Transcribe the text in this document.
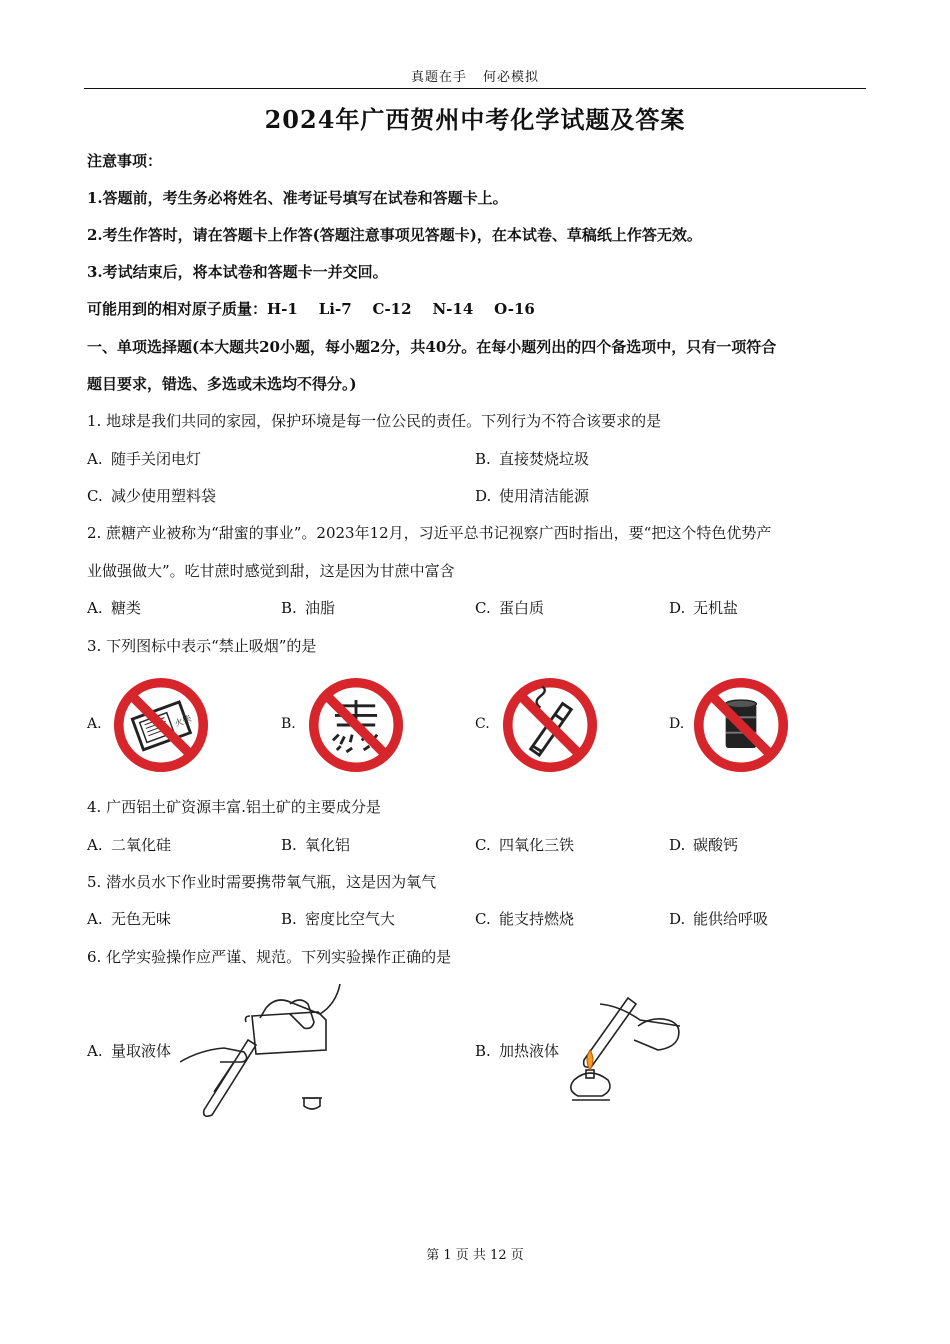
真题在手 何必模拟
2024年广西贺州中考化学试题及答案
注意事项：
1.答题前，考生务必将姓名、准考证号填写在试卷和答题卡上。
2.考生作答时，请在答题卡上作答(答题注意事项见答题卡)，在本试卷、草稿纸上作答无效。
3.考试结束后，将本试卷和答题卡一并交回。
可能用到的相对原子质量：H-1    Li-7    C-12    N-14    O-16
一、单项选择题(本大题共20小题，每小题2分，共40分。在每小题列出的四个备选项中，只有一项符合
题目要求，错选、多选或未选均不得分。)
1. 地球是我们共同的家园，保护环境是每一位公民的责任。下列行为不符合该要求的是
A. 随手关闭电灯	B. 直接焚烧垃圾
C. 减少使用塑料袋	D. 使用清洁能源
2. 蔗糖产业被称为“甜蜜的事业”。2023年12月，习近平总书记视察广西时指出，要“把这个特色优势产
业做强做大”。吃甘蔗时感觉到甜，这是因为甘蔗中富含
A. 糖类	B. 油脂	C. 蛋白质	D. 无机盐
3. 下列图标中表示“禁止吸烟”的是
A.	火柴	B.	C.	D.
4. 广西铝土矿资源丰富.铝土矿的主要成分是
A. 二氧化硅	B. 氧化铝	C. 四氧化三铁	D. 碳酸钙
5. 潜水员水下作业时需要携带氧气瓶，这是因为氧气
A. 无色无味	B. 密度比空气大	C. 能支持燃烧	D. 能供给呼吸
6. 化学实验操作应严谨、规范。下列实验操作正确的是
A. 量取液体	B. 加热液体
第 1 页 共 12 页
